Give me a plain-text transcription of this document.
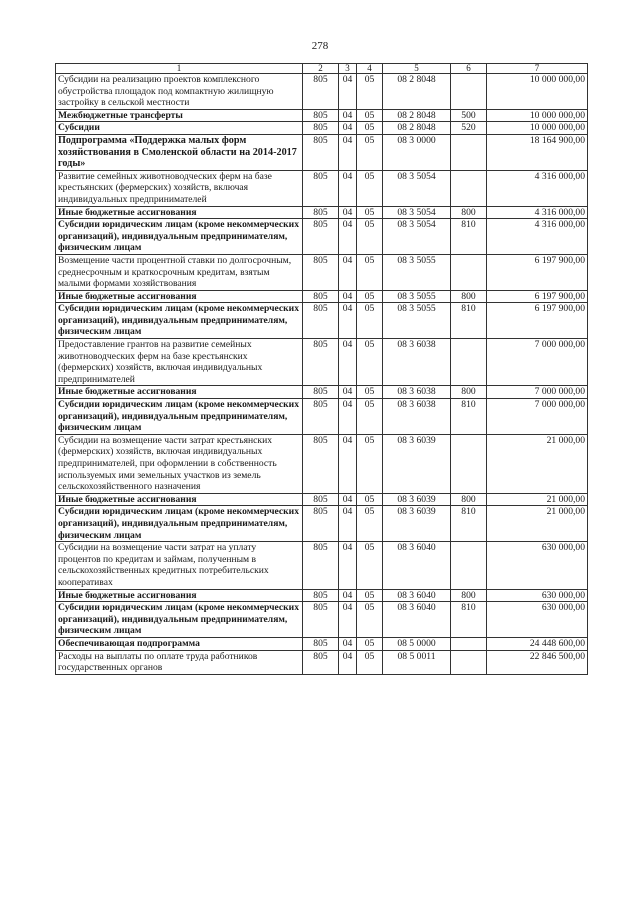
278
1	2	3	4	5	6	7
Субсидии на реализацию проектов комплексного обустройства площадок под компактную жилищную застройку в сельской местности	805	04	05	08 2 8048		10 000 000,00
Межбюджетные трансферты	805	04	05	08 2 8048	500	10 000 000,00
Субсидии	805	04	05	08 2 8048	520	10 000 000,00
Подпрограмма «Поддержка малых форм хозяйствования в Смоленской области на 2014-2017 годы»	805	04	05	08 3 0000		18 164 900,00
Развитие семейных животноводческих ферм на базе крестьянских (фермерских) хозяйств, включая индивидуальных предпринимателей	805	04	05	08 3 5054		4 316 000,00
Иные бюджетные ассигнования	805	04	05	08 3 5054	800	4 316 000,00
Субсидии юридическим лицам (кроме некоммерческих организаций), индивидуальным предпринимателям, физическим лицам	805	04	05	08 3 5054	810	4 316 000,00
Возмещение части процентной ставки по долгосрочным, среднесрочным и краткосрочным кредитам, взятым малыми формами хозяйствования	805	04	05	08 3 5055		6 197 900,00
Иные бюджетные ассигнования	805	04	05	08 3 5055	800	6 197 900,00
Субсидии юридическим лицам (кроме некоммерческих организаций), индивидуальным предпринимателям, физическим лицам	805	04	05	08 3 5055	810	6 197 900,00
Предоставление грантов на развитие семейных животноводческих ферм на базе крестьянских (фермерских) хозяйств, включая индивидуальных предпринимателей	805	04	05	08 3 6038		7 000 000,00
Иные бюджетные ассигнования	805	04	05	08 3 6038	800	7 000 000,00
Субсидии юридическим лицам (кроме некоммерческих организаций), индивидуальным предпринимателям, физическим лицам	805	04	05	08 3 6038	810	7 000 000,00
Субсидии на возмещение части затрат крестьянских (фермерских) хозяйств, включая индивидуальных предпринимателей, при оформлении в собственность используемых ими земельных участков из земель сельскохозяйственного назначения	805	04	05	08 3 6039		21 000,00
Иные бюджетные ассигнования	805	04	05	08 3 6039	800	21 000,00
Субсидии юридическим лицам (кроме некоммерческих организаций), индивидуальным предпринимателям, физическим лицам	805	04	05	08 3 6039	810	21 000,00
Субсидии на возмещение части затрат на уплату процентов по кредитам и займам, полученным в сельскохозяйственных кредитных потребительских кооперативах	805	04	05	08 3 6040		630 000,00
Иные бюджетные ассигнования	805	04	05	08 3 6040	800	630 000,00
Субсидии юридическим лицам (кроме некоммерческих организаций), индивидуальным предпринимателям, физическим лицам	805	04	05	08 3 6040	810	630 000,00
Обеспечивающая подпрограмма	805	04	05	08 5 0000		24 448 600,00
Расходы на выплаты по оплате труда работников государственных органов	805	04	05	08 5 0011		22 846 500,00
